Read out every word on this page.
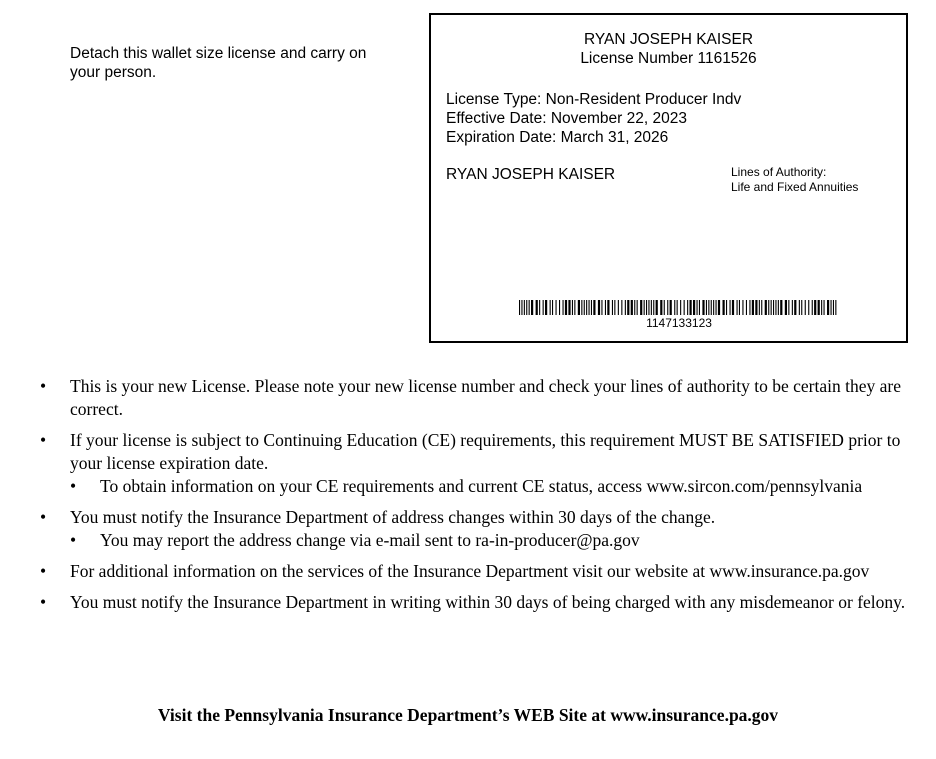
Detach this wallet size license and carry on your person.
RYAN JOSEPH KAISER
License Number 1161526
License Type: Non-Resident Producer Indv
Effective Date: November 22, 2023
Expiration Date: March 31, 2026
RYAN JOSEPH KAISER	Lines of Authority:
Life and Fixed Annuities
1147133123
• This is your new License. Please note your new license number and check your lines of authority to be certain they are correct.
• If your license is subject to Continuing Education (CE) requirements, this requirement MUST BE SATISFIED prior to your license expiration date.
• To obtain information on your CE requirements and current CE status, access www.sircon.com/pennsylvania
• You must notify the Insurance Department of address changes within 30 days of the change.
• You may report the address change via e-mail sent to ra-in-producer@pa.gov
• For additional information on the services of the Insurance Department visit our website at www.insurance.pa.gov
• You must notify the Insurance Department in writing within 30 days of being charged with any misdemeanor or felony.
Visit the Pennsylvania Insurance Department’s WEB Site at www.insurance.pa.gov
